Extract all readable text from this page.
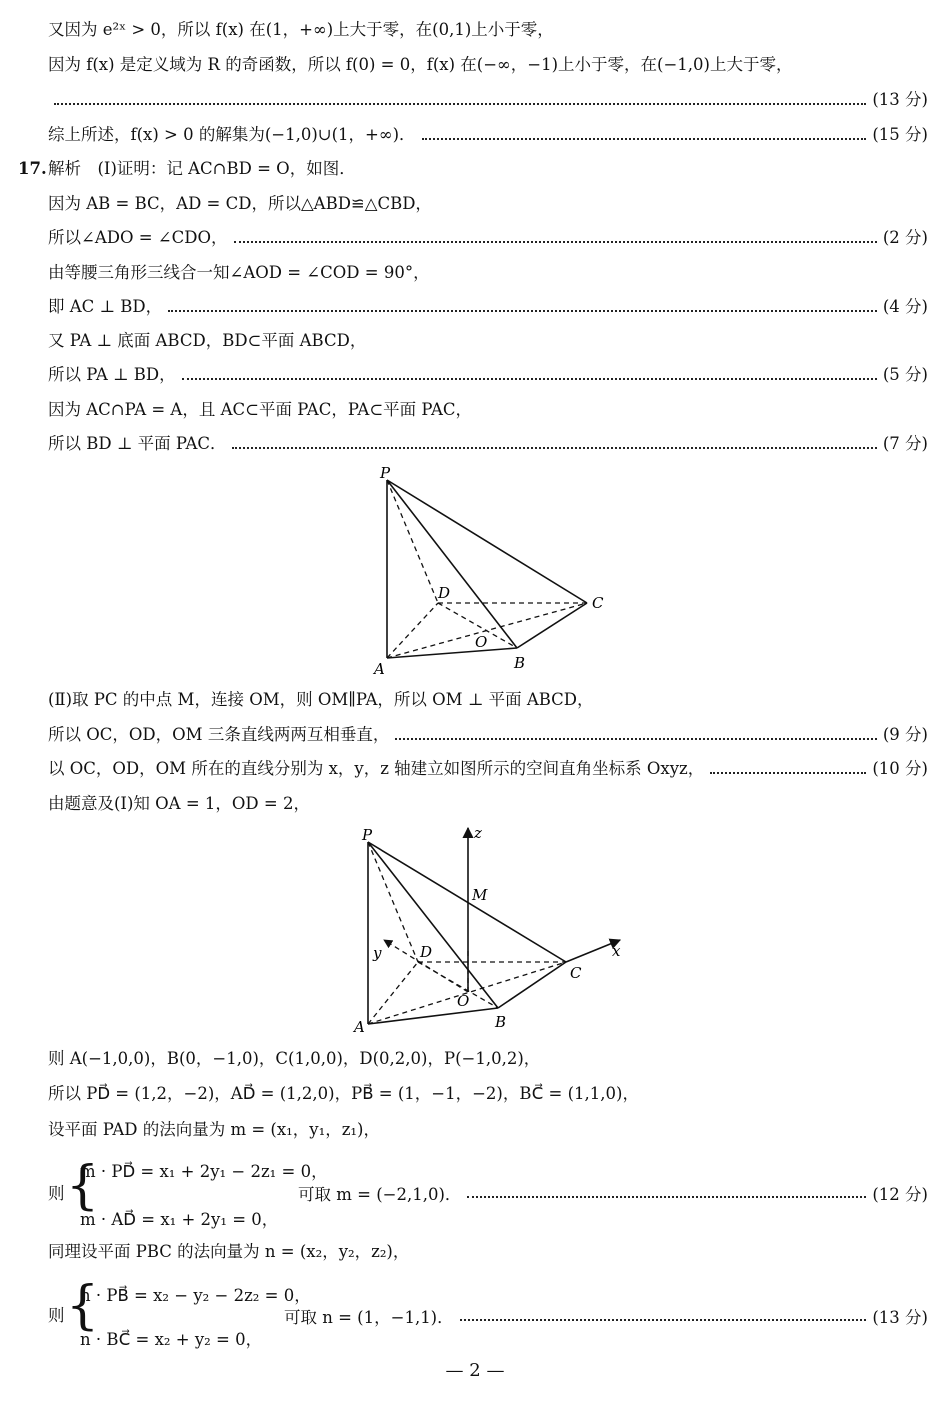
又因为 e²ˣ > 0，所以 f(x) 在(1，+∞)上大于零，在(0,1)上小于零，
因为 f(x) 是定义域为 R 的奇函数，所以 f(0) = 0，f(x) 在(−∞，−1)上小于零，在(−1,0)上大于零，
(13 分)
综上所述，f(x) > 0 的解集为(−1,0)∪(1，+∞)．	(15 分)
17. 解析　(Ⅰ)证明：记 AC∩BD = O，如图．
因为 AB = BC，AD = CD，所以△ABD≌△CBD，
所以∠ADO = ∠CDO，	(2 分)
由等腰三角形三线合一知∠AOD = ∠COD = 90°，
即 AC ⊥ BD，	(4 分)
又 PA ⊥ 底面 ABCD，BD⊂平面 ABCD，
所以 PA ⊥ BD，	(5 分)
因为 AC∩PA = A，且 AC⊂平面 PAC，PA⊂平面 PAC，
所以 BD ⊥ 平面 PAC．	(7 分)
P
D
C
O
A	B
(Ⅱ)取 PC 的中点 M，连接 OM，则 OM∥PA，所以 OM ⊥ 平面 ABCD，
所以 OC，OD，OM 三条直线两两互相垂直，	(9 分)
以 OC，OD，OM 所在的直线分别为 x，y，z 轴建立如图所示的空间直角坐标系 Oxyz，	(10 分)
由题意及(Ⅰ)知 OA = 1，OD = 2，
P	z
M
y	D	x
C
O
A	B
则 A(−1,0,0)，B(0，−1,0)，C(1,0,0)，D(0,2,0)，P(−1,0,2)，
所以 PD⃗ = (1,2，−2)，AD⃗ = (1,2,0)，PB⃗ = (1，−1，−2)，BC⃗ = (1,1,0)，
设平面 PAD 的法向量为 m = (x₁，y₁，z₁)，
则 {
m · PD⃗ = x₁ + 2y₁ − 2z₁ = 0，
m · AD⃗ = x₁ + 2y₁ = 0，
可取 m = (−2,1,0)．	(12 分)
同理设平面 PBC 的法向量为 n = (x₂，y₂，z₂)，
则 {
n · PB⃗ = x₂ − y₂ − 2z₂ = 0，
n · BC⃗ = x₂ + y₂ = 0，
可取 n = (1，−1,1)．	(13 分)
— 2 —
